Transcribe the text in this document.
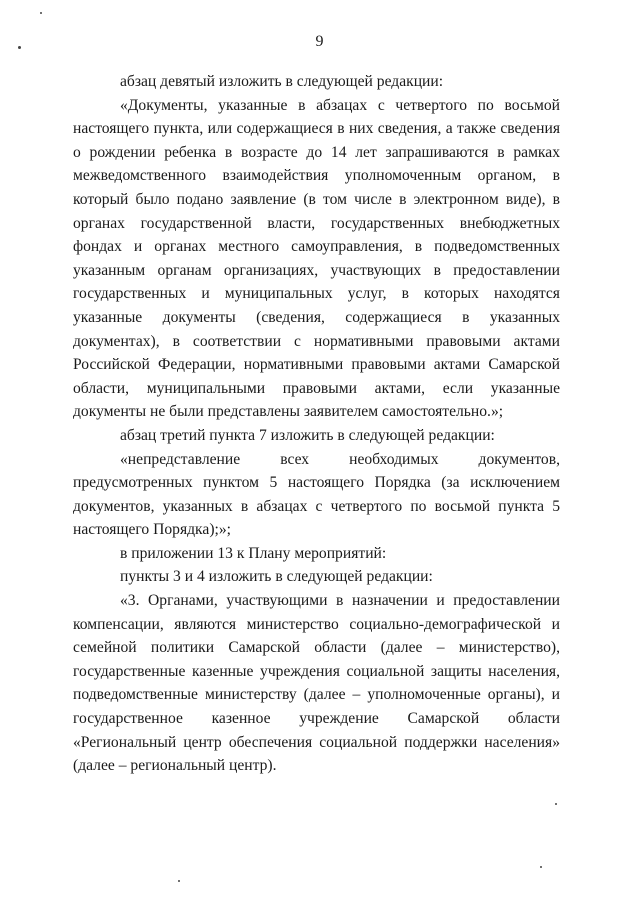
9

абзац девятый изложить в следующей редакции:

«Документы, указанные в абзацах с четвертого по восьмой настоящего пункта, или содержащиеся в них сведения, а также сведения о рождении ребенка в возрасте до 14 лет запрашиваются в рамках межведомственного взаимодействия уполномоченным органом, в который было подано заявление (в том числе в электронном виде), в органах государственной власти, государственных внебюджетных фондах и органах местного самоуправления, в подведомственных указанным органам организациях, участвующих в предоставлении государственных и муниципальных услуг, в которых находятся указанные документы (сведения, содержащиеся в указанных документах), в соответствии с нормативными правовыми актами Российской Федерации, нормативными правовыми актами Самарской области, муниципальными правовыми актами, если указанные документы не были представлены заявителем самостоятельно.»;

абзац третий пункта 7 изложить в следующей редакции:

«непредставление всех необходимых документов, предусмотренных пунктом 5 настоящего Порядка (за исключением документов, указанных в абзацах с четвертого по восьмой пункта 5 настоящего Порядка);»;

в приложении 13 к Плану мероприятий:

пункты 3 и 4 изложить в следующей редакции:

«3. Органами, участвующими в назначении и предоставлении компенсации, являются министерство социально-демографической и семейной политики Самарской области (далее – министерство), государственные казенные учреждения социальной защиты населения, подведомственные министерству (далее – уполномоченные органы), и государственное казенное учреждение Самарской области «Региональный центр обеспечения социальной поддержки населения» (далее – региональный центр).
